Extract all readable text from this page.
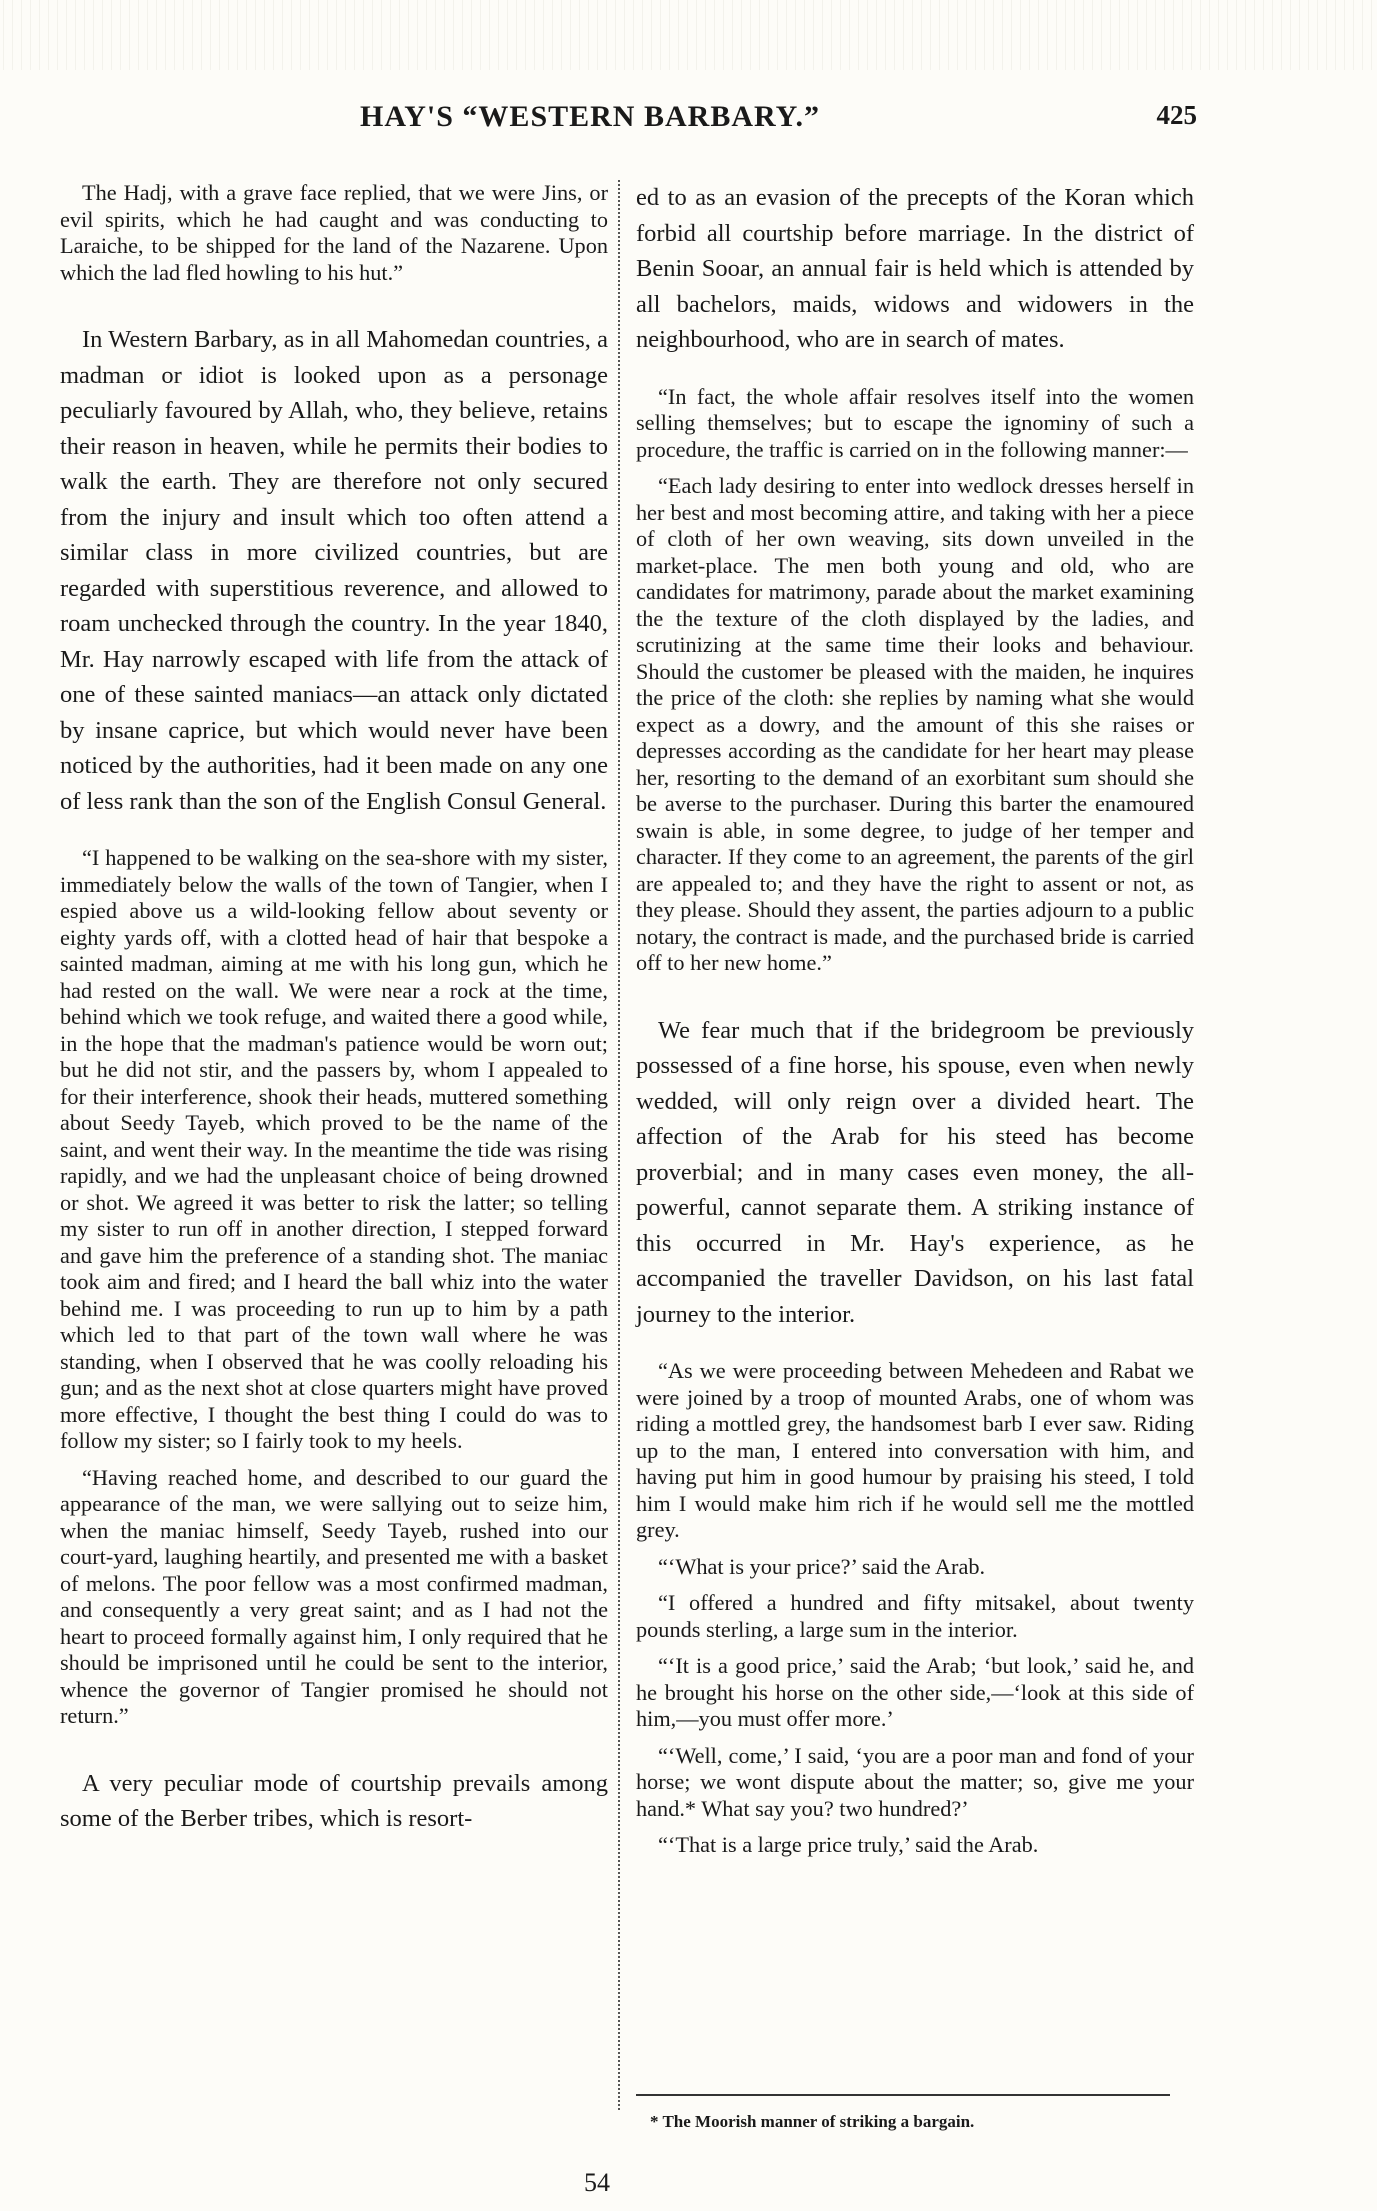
HAY'S “WESTERN BARBARY.”	425

The Hadj, with a grave face replied, that we were Jins, or evil spirits, which he had caught and was conducting to Laraiche, to be shipped for the land of the Nazarene. Upon which the lad fled howling to his hut.”

In Western Barbary, as in all Mahomedan countries, a madman or idiot is looked upon as a personage peculiarly favoured by Allah, who, they believe, retains their reason in heaven, while he permits their bodies to walk the earth. They are therefore not only secured from the injury and insult which too often attend a similar class in more civilized countries, but are regarded with superstitious reverence, and allowed to roam unchecked through the country. In the year 1840, Mr. Hay narrowly escaped with life from the attack of one of these sainted maniacs—an attack only dictated by insane caprice, but which would never have been noticed by the authorities, had it been made on any one of less rank than the son of the English Consul General.

“I happened to be walking on the sea-shore with my sister, immediately below the walls of the town of Tangier, when I espied above us a wild-looking fellow about seventy or eighty yards off, with a clotted head of hair that bespoke a sainted madman, aiming at me with his long gun, which he had rested on the wall. We were near a rock at the time, behind which we took refuge, and waited there a good while, in the hope that the madman's patience would be worn out; but he did not stir, and the passers by, whom I appealed to for their interference, shook their heads, muttered something about Seedy Tayeb, which proved to be the name of the saint, and went their way. In the meantime the tide was rising rapidly, and we had the unpleasant choice of being drowned or shot. We agreed it was better to risk the latter; so telling my sister to run off in another direction, I stepped forward and gave him the preference of a standing shot. The maniac took aim and fired; and I heard the ball whiz into the water behind me. I was proceeding to run up to him by a path which led to that part of the town wall where he was standing, when I observed that he was coolly reloading his gun; and as the next shot at close quarters might have proved more effective, I thought the best thing I could do was to follow my sister; so I fairly took to my heels.

“Having reached home, and described to our guard the appearance of the man, we were sallying out to seize him, when the maniac himself, Seedy Tayeb, rushed into our court-yard, laughing heartily, and presented me with a basket of melons. The poor fellow was a most confirmed madman, and consequently a very great saint; and as I had not the heart to proceed formally against him, I only required that he should be imprisoned until he could be sent to the interior, whence the governor of Tangier promised he should not return.”

A very peculiar mode of courtship prevails among some of the Berber tribes, which is resort-

ed to as an evasion of the precepts of the Koran which forbid all courtship before marriage. In the district of Benin Sooar, an annual fair is held which is attended by all bachelors, maids, widows and widowers in the neighbourhood, who are in search of mates.

“In fact, the whole affair resolves itself into the women selling themselves; but to escape the ignominy of such a procedure, the traffic is carried on in the following manner:—

“Each lady desiring to enter into wedlock dresses herself in her best and most becoming attire, and taking with her a piece of cloth of her own weaving, sits down unveiled in the market-place. The men both young and old, who are candidates for matrimony, parade about the market examining the the texture of the cloth displayed by the ladies, and scrutinizing at the same time their looks and behaviour. Should the customer be pleased with the maiden, he inquires the price of the cloth: she replies by naming what she would expect as a dowry, and the amount of this she raises or depresses according as the candidate for her heart may please her, resorting to the demand of an exorbitant sum should she be averse to the purchaser. During this barter the enamoured swain is able, in some degree, to judge of her temper and character. If they come to an agreement, the parents of the girl are appealed to; and they have the right to assent or not, as they please. Should they assent, the parties adjourn to a public notary, the contract is made, and the purchased bride is carried off to her new home.”

We fear much that if the bridegroom be previously possessed of a fine horse, his spouse, even when newly wedded, will only reign over a divided heart. The affection of the Arab for his steed has become proverbial; and in many cases even money, the all-powerful, cannot separate them. A striking instance of this occurred in Mr. Hay's experience, as he accompanied the traveller Davidson, on his last fatal journey to the interior.

“As we were proceeding between Mehedeen and Rabat we were joined by a troop of mounted Arabs, one of whom was riding a mottled grey, the handsomest barb I ever saw. Riding up to the man, I entered into conversation with him, and having put him in good humour by praising his steed, I told him I would make him rich if he would sell me the mottled grey.

“‘What is your price?’ said the Arab.

“I offered a hundred and fifty mitsakel, about twenty pounds sterling, a large sum in the interior.

“‘It is a good price,’ said the Arab; ‘but look,’ said he, and he brought his horse on the other side,—‘look at this side of him,—you must offer more.’

“‘Well, come,’ I said, ‘you are a poor man and fond of your horse; we wont dispute about the matter; so, give me your hand.* What say you? two hundred?’

“‘That is a large price truly,’ said the Arab.

* The Moorish manner of striking a bargain.

54
